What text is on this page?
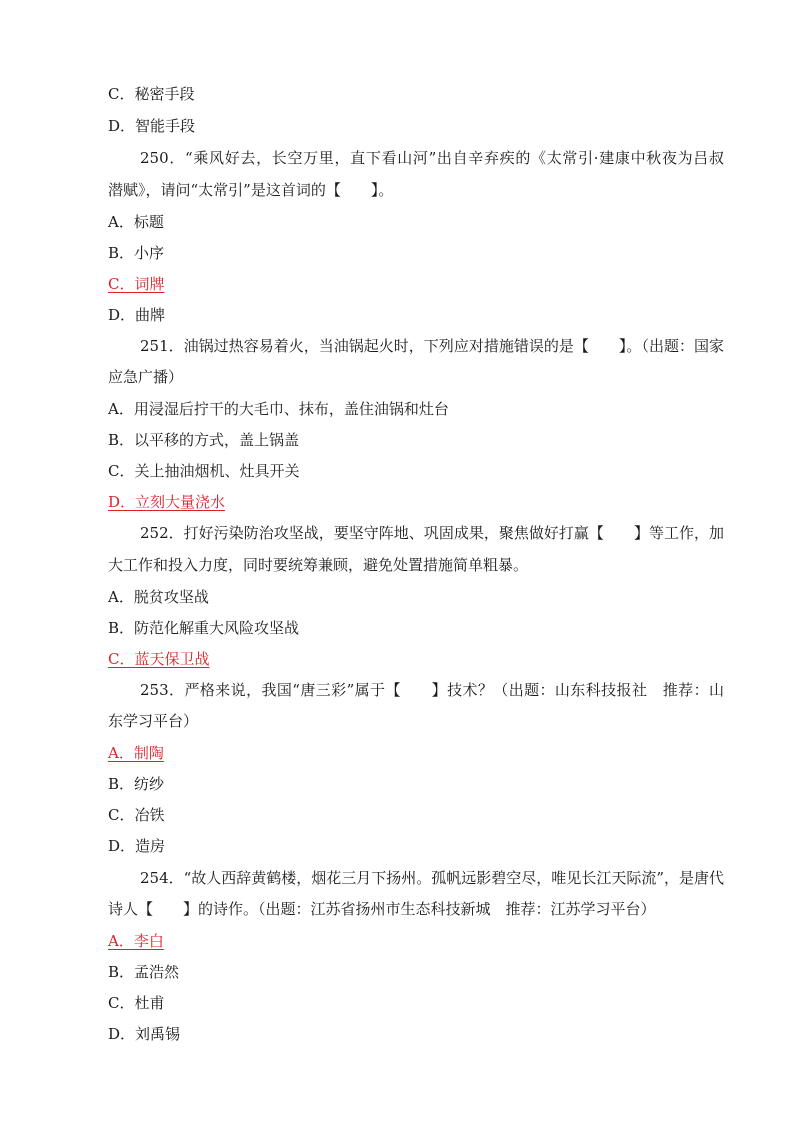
C．秘密手段
D．智能手段
250．“乘风好去，长空万里，直下看山河”出自辛弃疾的《太常引·建康中秋夜为吕叔
潜赋》，请问“太常引”是这首词的【　　】。
A．标题
B．小序
C．词牌
D．曲牌
251．油锅过热容易着火，当油锅起火时，下列应对措施错误的是【　　】。（出题：国家
应急广播）
A．用浸湿后拧干的大毛巾、抹布，盖住油锅和灶台
B．以平移的方式，盖上锅盖
C．关上抽油烟机、灶具开关
D．立刻大量浇水
252．打好污染防治攻坚战，要坚守阵地、巩固成果，聚焦做好打赢【　　】等工作，加
大工作和投入力度，同时要统筹兼顾，避免处置措施简单粗暴。
A．脱贫攻坚战
B．防范化解重大风险攻坚战
C．蓝天保卫战
253．严格来说，我国“唐三彩”属于【　　】技术？（出题：山东科技报社　推荐：山
东学习平台）
A．制陶
B．纺纱
C．冶铁
D．造房
254．“故人西辞黄鹤楼，烟花三月下扬州。孤帆远影碧空尽，唯见长江天际流”，是唐代
诗人【　　】的诗作。（出题：江苏省扬州市生态科技新城　推荐：江苏学习平台）
A．李白
B．孟浩然
C．杜甫
D．刘禹锡
